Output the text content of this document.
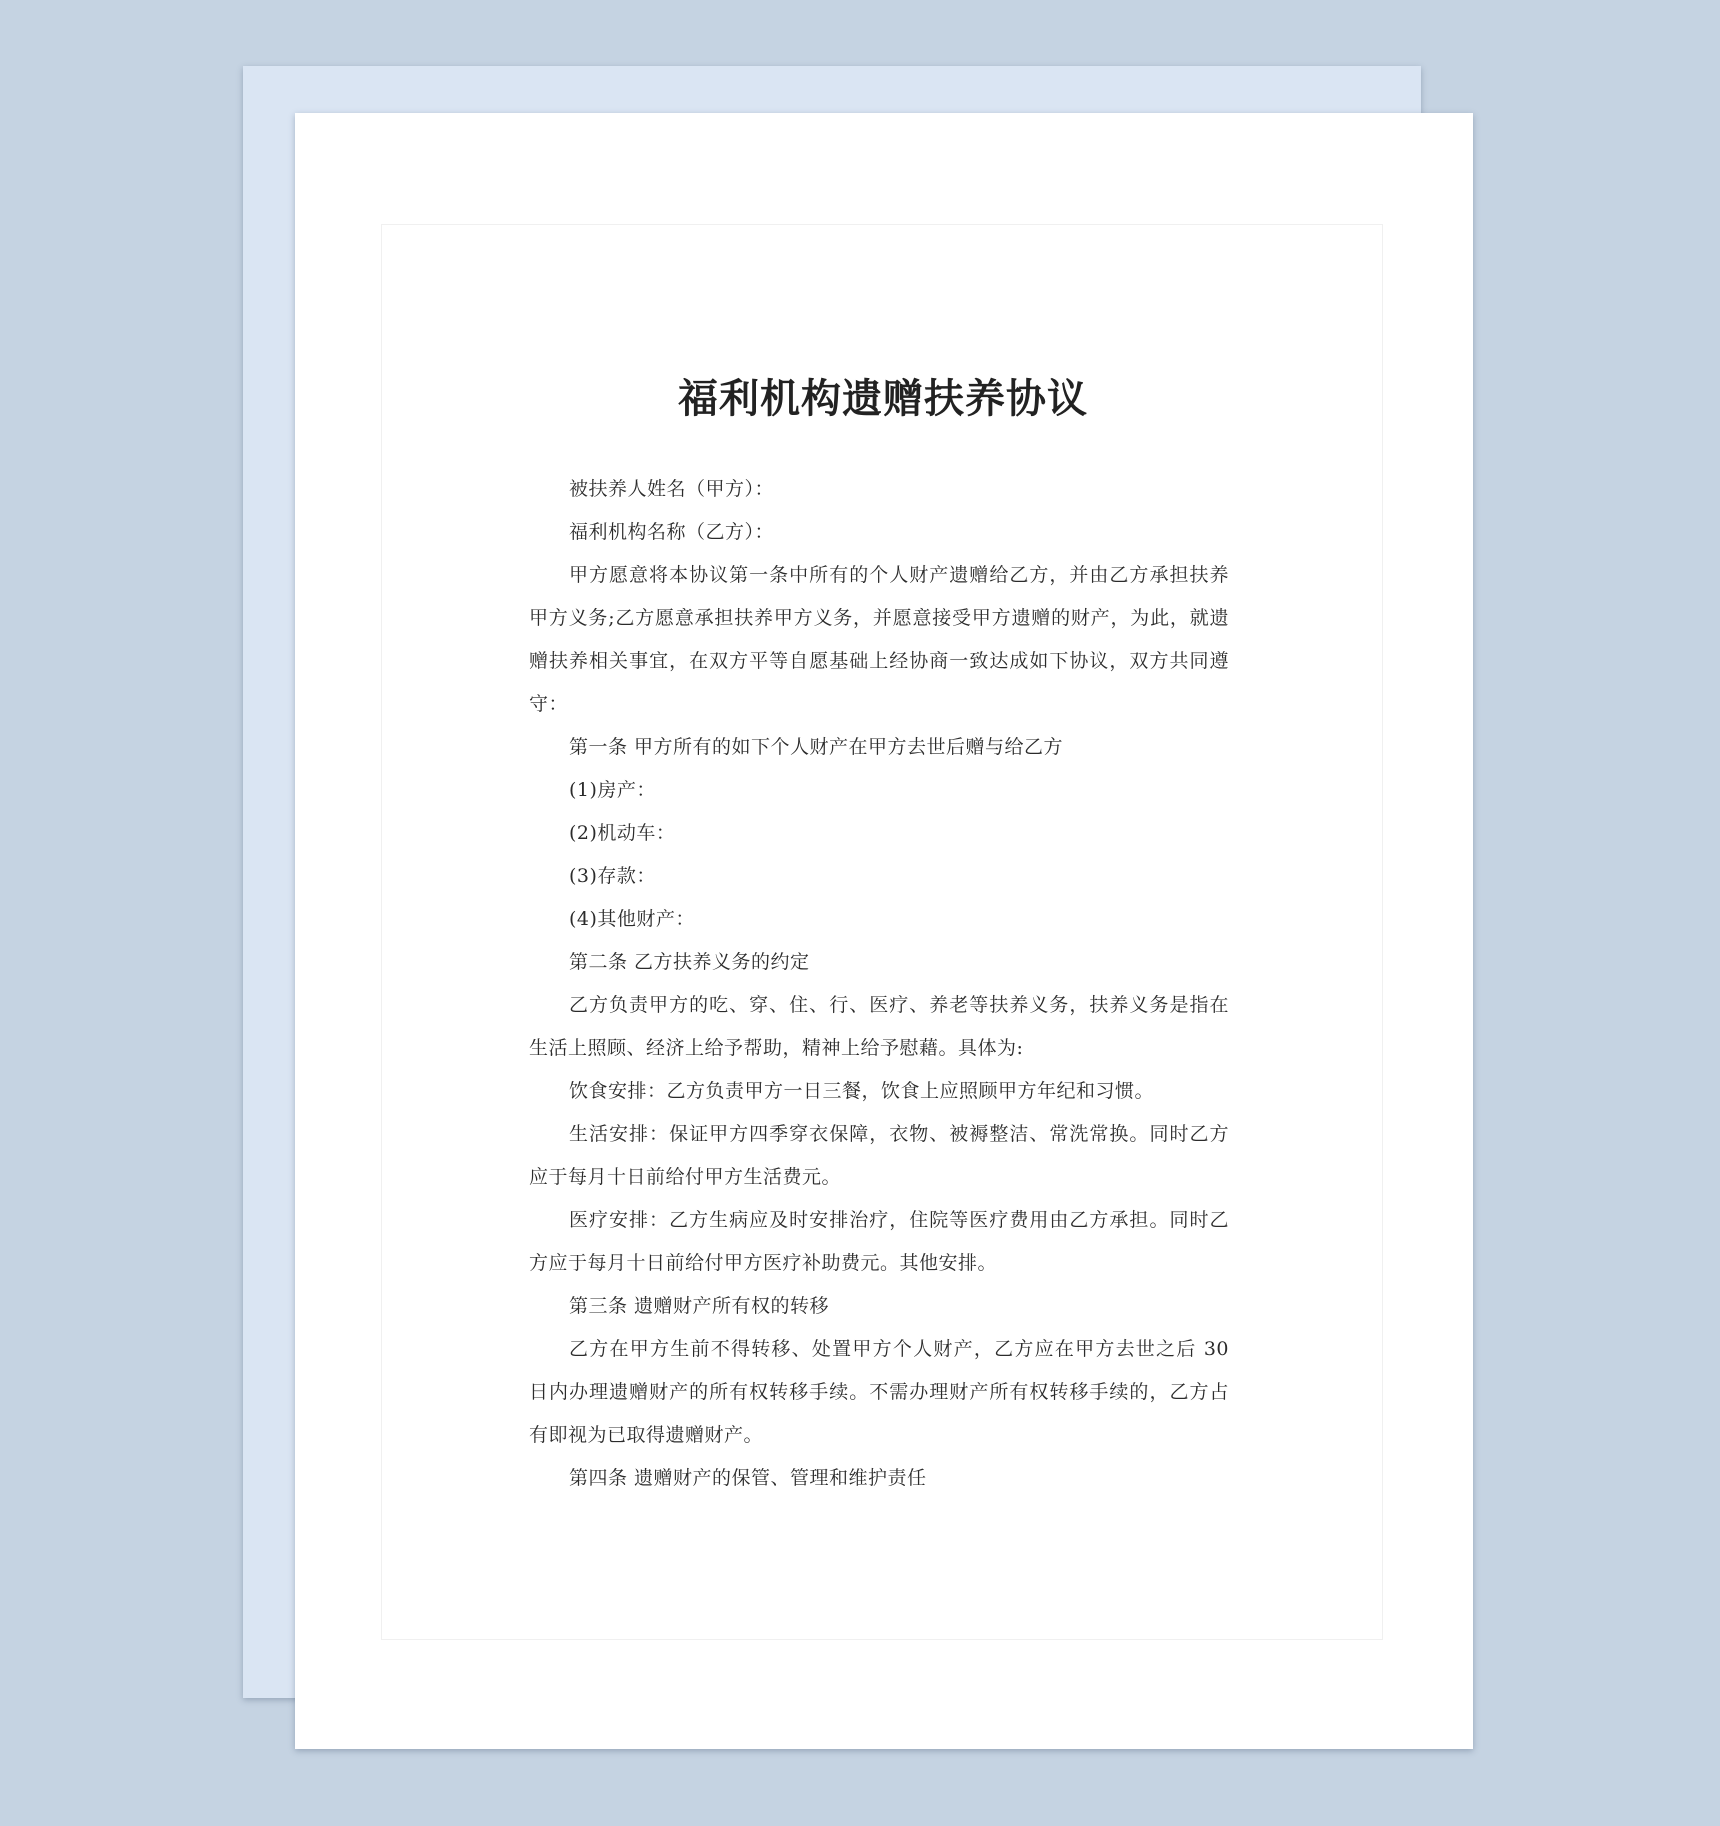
福利机构遗赠扶养协议

被扶养人姓名（甲方）：

福利机构名称（乙方）：

甲方愿意将本协议第一条中所有的个人财产遗赠给乙方，并由乙方承担扶养甲方义务;乙方愿意承担扶养甲方义务，并愿意接受甲方遗赠的财产，为此，就遗赠扶养相关事宜，在双方平等自愿基础上经协商一致达成如下协议，双方共同遵守：

第一条 甲方所有的如下个人财产在甲方去世后赠与给乙方

(1)房产：

(2)机动车：

(3)存款：

(4)其他财产：

第二条 乙方扶养义务的约定

乙方负责甲方的吃、穿、住、行、医疗、养老等扶养义务，扶养义务是指在生活上照顾、经济上给予帮助，精神上给予慰藉。具体为:

饮食安排：乙方负责甲方一日三餐，饮食上应照顾甲方年纪和习惯。

生活安排：保证甲方四季穿衣保障，衣物、被褥整洁、常洗常换。同时乙方应于每月十日前给付甲方生活费元。

医疗安排：乙方生病应及时安排治疗，住院等医疗费用由乙方承担。同时乙方应于每月十日前给付甲方医疗补助费元。其他安排。

第三条 遗赠财产所有权的转移

乙方在甲方生前不得转移、处置甲方个人财产，乙方应在甲方去世之后 30 日内办理遗赠财产的所有权转移手续。不需办理财产所有权转移手续的，乙方占有即视为已取得遗赠财产。

第四条 遗赠财产的保管、管理和维护责任
